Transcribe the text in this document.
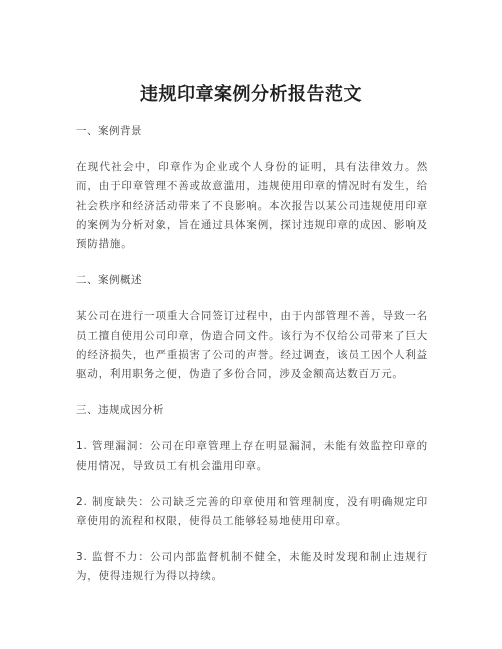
违规印章案例分析报告范文
一、案例背景
在现代社会中，印章作为企业或个人身份的证明，具有法律效力。然而，由于印章管理不善或故意滥用，违规使用印章的情况时有发生，给社会秩序和经济活动带来了不良影响。本次报告以某公司违规使用印章的案例为分析对象，旨在通过具体案例，探讨违规印章的成因、影响及预防措施。
二、案例概述
某公司在进行一项重大合同签订过程中，由于内部管理不善，导致一名员工擅自使用公司印章，伪造合同文件。该行为不仅给公司带来了巨大的经济损失，也严重损害了公司的声誉。经过调查，该员工因个人利益驱动，利用职务之便，伪造了多份合同，涉及金额高达数百万元。
三、违规成因分析
1. 管理漏洞：公司在印章管理上存在明显漏洞，未能有效监控印章的使用情况，导致员工有机会滥用印章。
2. 制度缺失：公司缺乏完善的印章使用和管理制度，没有明确规定印章使用的流程和权限，使得员工能够轻易地使用印章。
3. 监督不力：公司内部监督机制不健全，未能及时发现和制止违规行为，使得违规行为得以持续。
